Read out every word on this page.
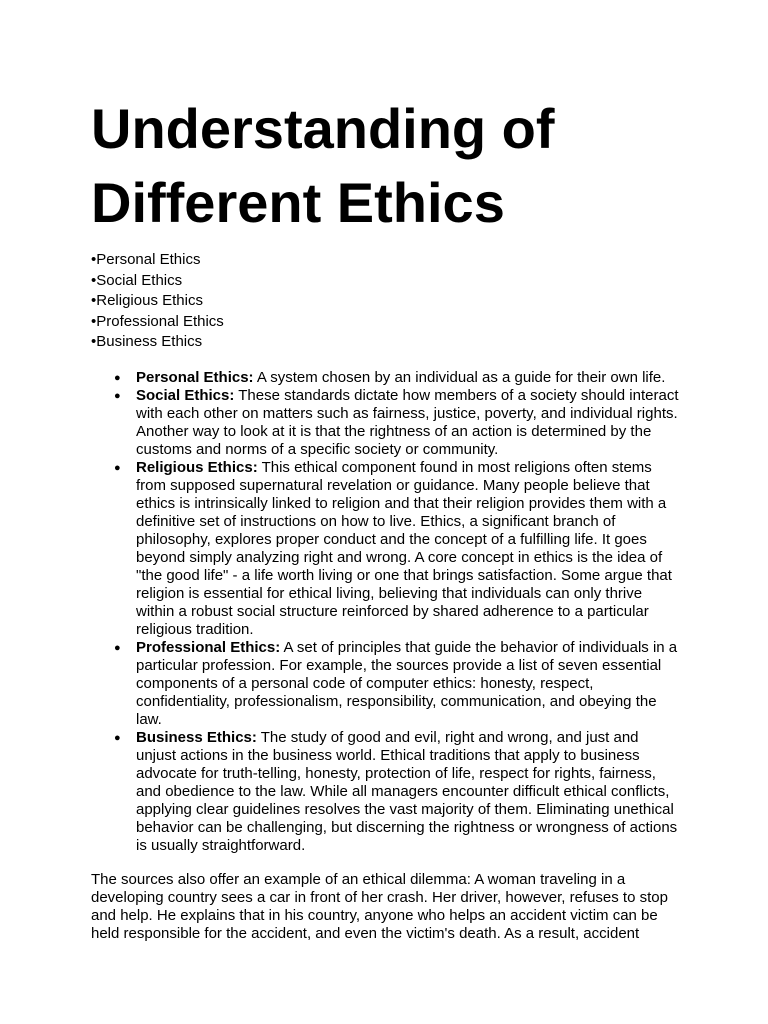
Understanding of
Different Ethics
•Personal Ethics
•Social Ethics
•Religious Ethics
•Professional Ethics
•Business Ethics
● Personal Ethics: A system chosen by an individual as a guide for their own life.
● Social Ethics: These standards dictate how members of a society should interact with each other on matters such as fairness, justice, poverty, and individual rights. Another way to look at it is that the rightness of an action is determined by the customs and norms of a specific society or community.
● Religious Ethics: This ethical component found in most religions often stems from supposed supernatural revelation or guidance. Many people believe that ethics is intrinsically linked to religion and that their religion provides them with a definitive set of instructions on how to live. Ethics, a significant branch of philosophy, explores proper conduct and the concept of a fulfilling life. It goes beyond simply analyzing right and wrong. A core concept in ethics is the idea of "the good life" - a life worth living or one that brings satisfaction. Some argue that religion is essential for ethical living, believing that individuals can only thrive within a robust social structure reinforced by shared adherence to a particular religious tradition.
● Professional Ethics: A set of principles that guide the behavior of individuals in a particular profession. For example, the sources provide a list of seven essential components of a personal code of computer ethics: honesty, respect, confidentiality, professionalism, responsibility, communication, and obeying the law.
● Business Ethics: The study of good and evil, right and wrong, and just and unjust actions in the business world. Ethical traditions that apply to business advocate for truth-telling, honesty, protection of life, respect for rights, fairness, and obedience to the law. While all managers encounter difficult ethical conflicts, applying clear guidelines resolves the vast majority of them. Eliminating unethical behavior can be challenging, but discerning the rightness or wrongness of actions is usually straightforward.

The sources also offer an example of an ethical dilemma: A woman traveling in a developing country sees a car in front of her crash. Her driver, however, refuses to stop and help. He explains that in his country, anyone who helps an accident victim can be held responsible for the accident, and even the victim's death. As a result, accident
